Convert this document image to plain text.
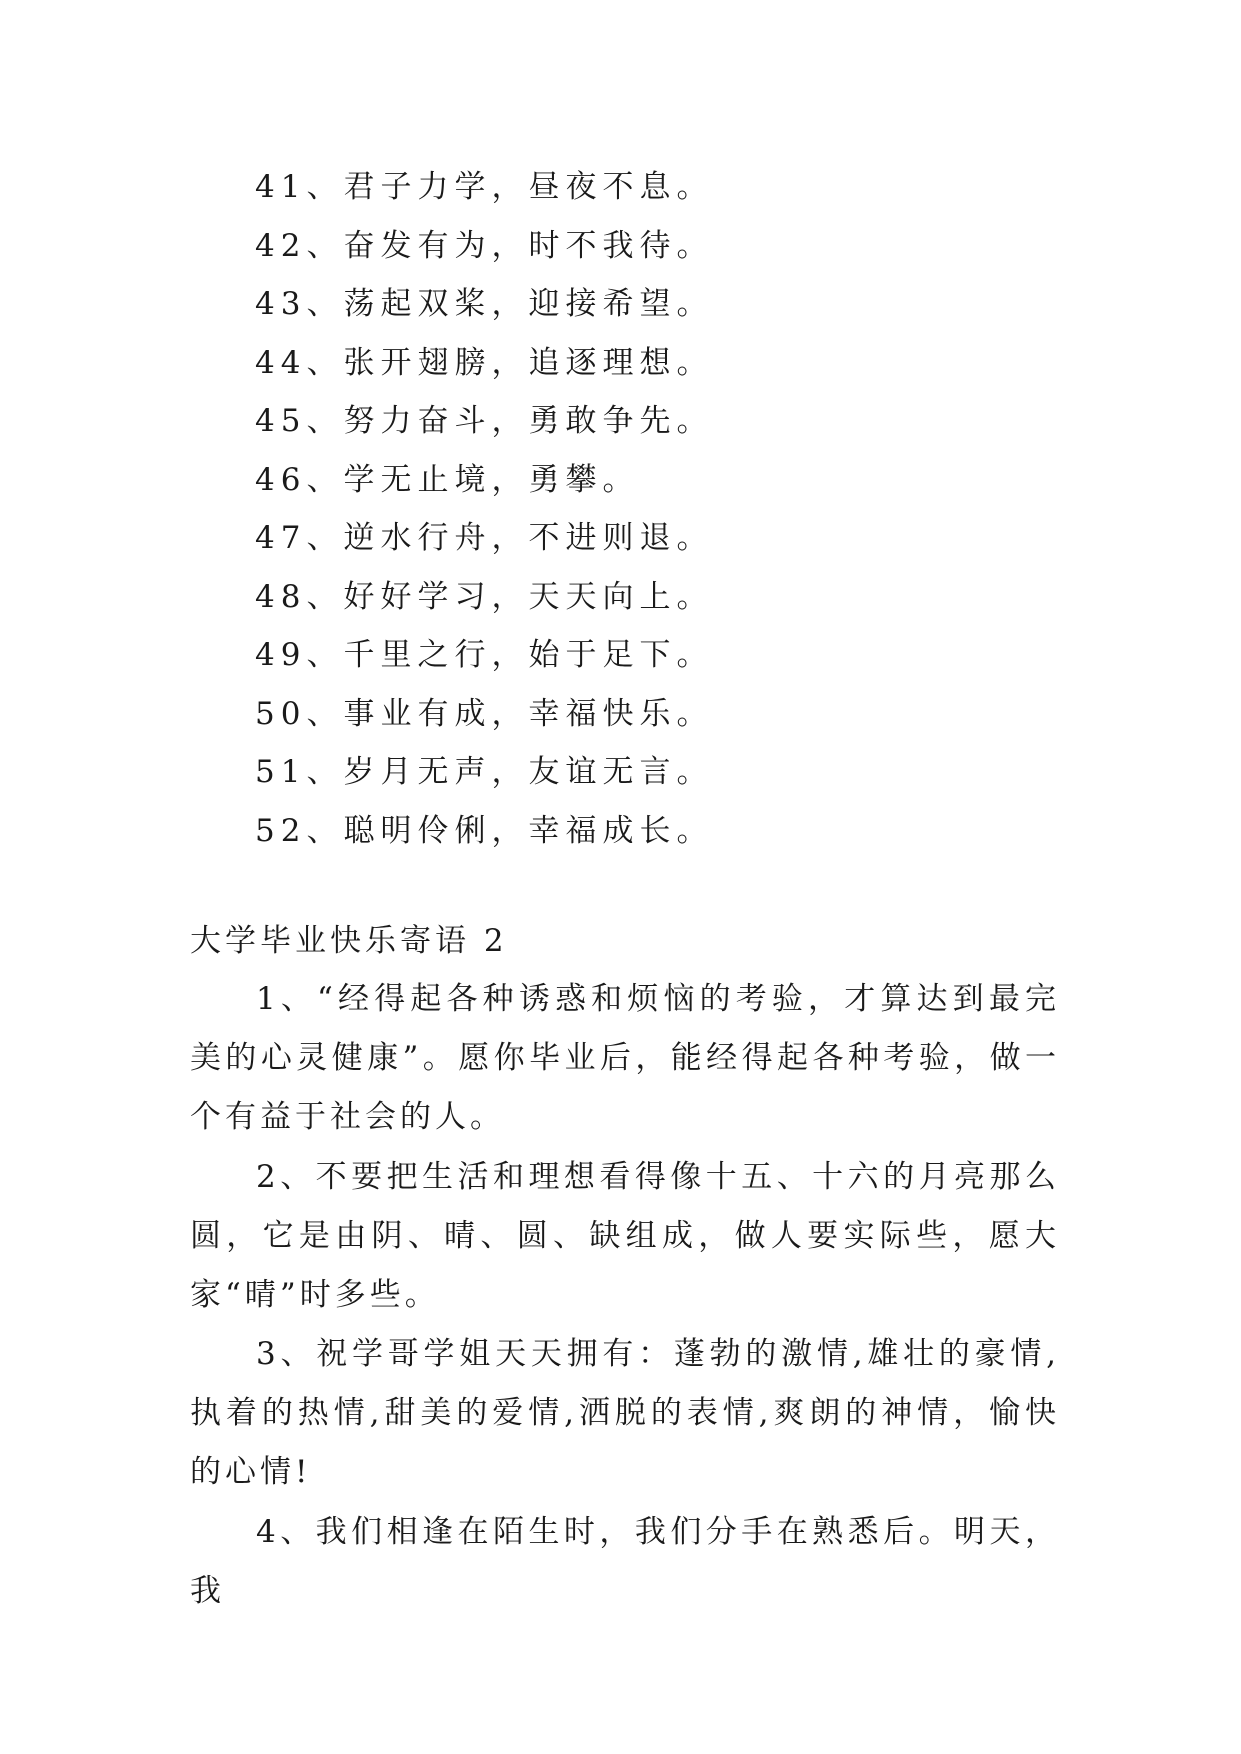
41、君子力学，昼夜不息。
42、奋发有为，时不我待。
43、荡起双桨，迎接希望。
44、张开翅膀，追逐理想。
45、努力奋斗，勇敢争先。
46、学无止境，勇攀。
47、逆水行舟，不进则退。
48、好好学习，天天向上。
49、千里之行，始于足下。
50、事业有成，幸福快乐。
51、岁月无声，友谊无言。
52、聪明伶俐，幸福成长。
大学毕业快乐寄语 2

1、“经得起各种诱惑和烦恼的考验，才算达到最完美的心灵健康”。愿你毕业后，能经得起各种考验，做一个有益于社会的人。

2、不要把生活和理想看得像十五、十六的月亮那么圆，它是由阴、晴、圆、缺组成，做人要实际些，愿大家“晴”时多些。

3、祝学哥学姐天天拥有：蓬勃的激情,雄壮的豪情,执着的热情,甜美的爱情,洒脱的表情,爽朗的神情，愉快的心情!

4、我们相逢在陌生时，我们分手在熟悉后。明天，我
